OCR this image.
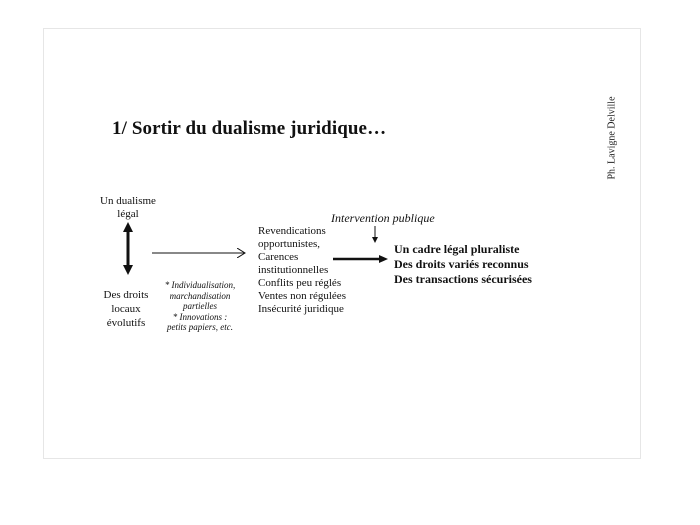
1/ Sortir du dualisme juridique…	Ph. Lavigne Delville
Un dualisme
légal
Des droits
locaux
évolutifs
* Individualisation,
marchandisation
partielles
* Innovations :
petits papiers, etc.
Revendications
opportunistes,
Carences
institutionnelles
Conflits peu réglés
Ventes non régulées
Insécurité juridique
Intervention publique
Un cadre légal pluraliste
Des droits variés reconnus
Des transactions sécurisées
